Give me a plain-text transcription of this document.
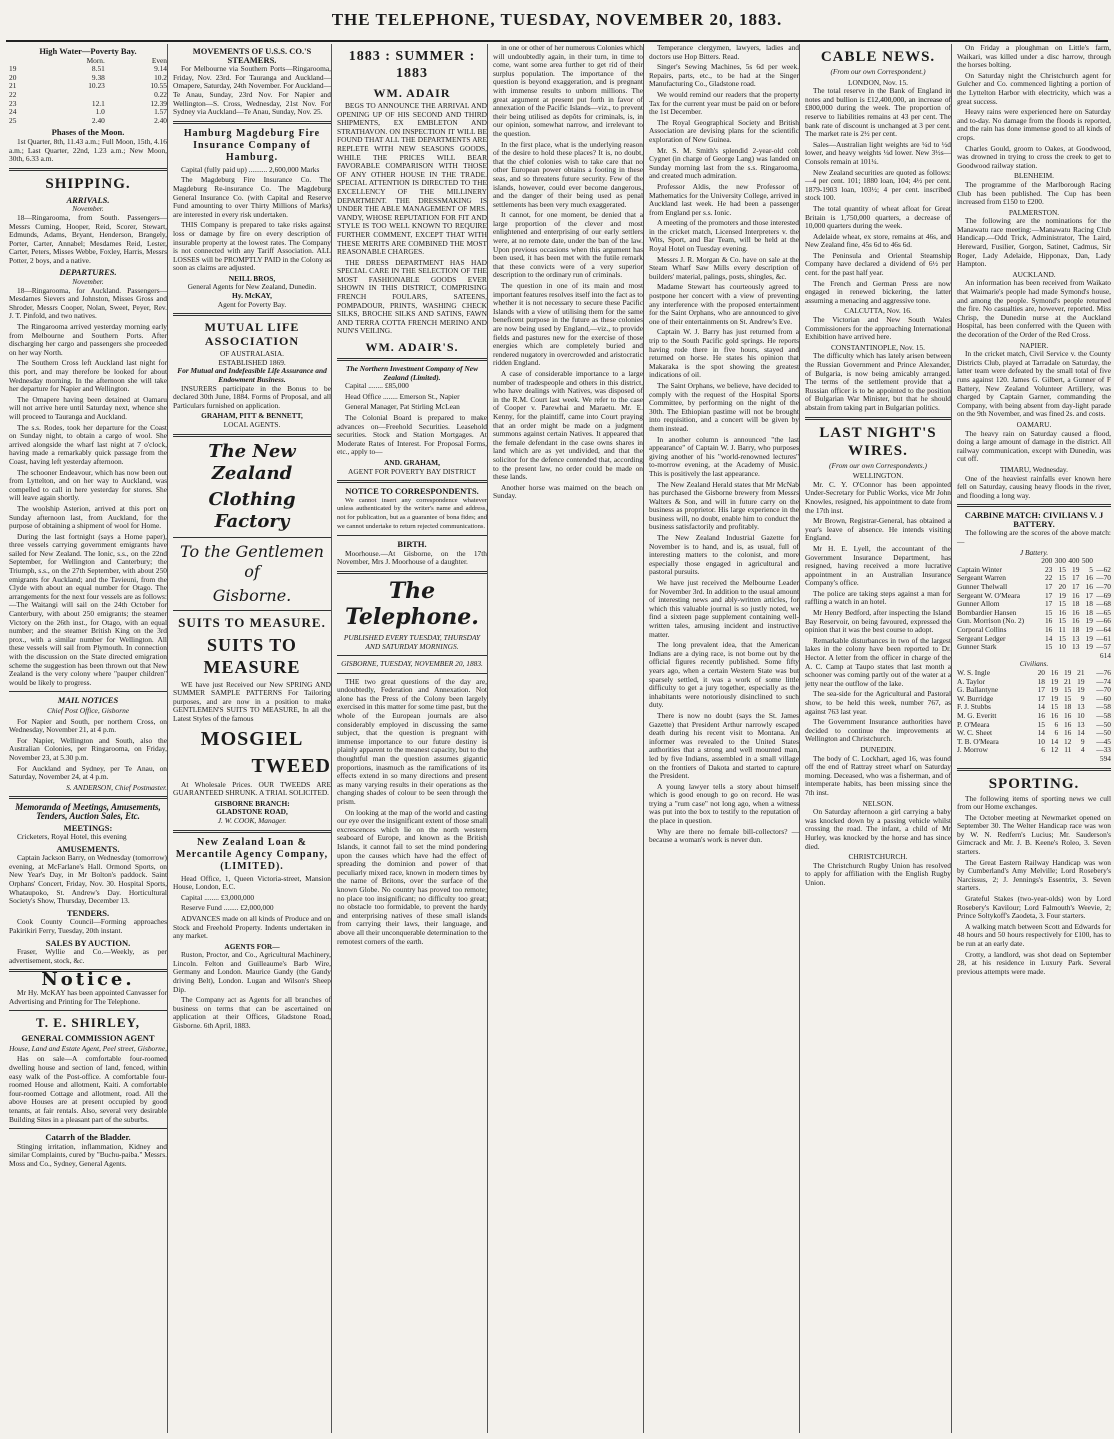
THE TELEPHONE, TUESDAY, NOVEMBER 20, 1883.
High Water—Poverty Bay.
	Morn.	Even
19	8.51	9.14
20	9.38	10.2
21	10.23	10.55
22		0.22
23	12.1	12.39
24	1.0	1.57
25	2.40	2.40
Phases of the Moon.

1st Quarter, 8th, 11.43 a.m.; Full Moon, 15th, 4.16 a.m.; Last Quarter, 22nd, 1.23 a.m.; New Moon, 30th, 6.33 a.m.

SHIPPING.
ARRIVALS.
November.

18—Ringarooma, from South. Passengers—Messrs Cuming, Hooper, Reid, Scorer, Stewart, Edmunds, Adams, Bryant, Henderson, Brangely, Porter, Carter, Annabel; Mesdames Reid, Lester, Carter, Peters, Misses Webbe, Foxley, Harris, Messrs Potter, 2 boys, and a native.

DEPARTURES.
November.

18—Ringarooma, for Auckland. Passengers—Mesdames Sievers and Johnston, Misses Gross and Shroder, Messrs Cooper, Nolan, Sweet, Peyer, Rev. J. T. Pinfold, and two natives.

The Ringarooma arrived yesterday morning early from Melbourne and Southern Ports. After discharging her cargo and passengers she proceeded on her way North.

The Southern Cross left Auckland last night for this port, and may therefore be looked for about Wednesday morning. In the afternoon she will take her departure for Napier and Wellington.

The Omapere having been detained at Oamaru will not arrive here until Saturday next, whence she will proceed to Tauranga and Auckland.

The s.s. Rodes, took her departure for the Coast on Sunday night, to obtain a cargo of wool. She arrived alongside the wharf last night at 7 o'clock, having made a remarkably quick passage from the Coast, having left yesterday afternoon.

The schooner Endeavour, which has now been out from Lyttelton, and on her way to Auckland, was compelled to call in here yesterday for stores. She will leave again shortly.

The woolship Asterion, arrived at this port on Sunday afternoon last, from Auckland, for the purpose of obtaining a shipment of wool for Home.

During the last fortnight (says a Home paper), three vessels carrying government emigrants have sailed for New Zealand. The Ionic, s.s., on the 22nd September, for Wellington and Canterbury; the Triumph, s.s., on the 27th September, with about 250 emigrants for Auckland; and the Tavieuni, from the Clyde with about an equal number for Otago. The arrangements for the next four vessels are as follows:—The Waitangi will sail on the 24th October for Canterbury, with about 250 emigrants; the steamer Victory on the 26th inst., for Otago, with an equal number; and the steamer British King on the 3rd prox., with a similar number for Wellington. All these vessels will sail from Plymouth. In connection with the discussion on the State directed emigration scheme the suggestion has been thrown out that New Zealand is the very colony where "pauper children" would be likely to progress.

MAIL NOTICES
Chief Post Office, Gisborne

For Napier and South, per northern Cross, on Wednesday, November 21, at 4 p.m.

For Napier, Wellington and South, also the Australian Colonies, per Ringarooma, on Friday, November 23, at 5.30 p.m.

For Auckland and Sydney, per Te Anau, on Saturday, November 24, at 4 p.m.

S. ANDERSON, Chief Postmaster.
Memoranda of Meetings, Amusements, Tenders, Auction Sales, Etc.
MEETINGS:

Cricketers, Royal Hotel, this evening

AMUSEMENTS.

Captain Jackson Barry, on Wednesday (tomorrow) evening, at McFarlane's Hall. Ormond Sports, on New Year's Day, in Mr Bolton's paddock. Saint Orphans' Concert, Friday, Nov. 30. Hospital Sports, Whataupoko, St. Andrew's Day. Horticultural Society's Show, Thursday, December 13.

TENDERS.

Cook County Council—Forming approaches Pakirikiri Ferry, Tuesday, 20th instant.

SALES BY AUCTION.

Fraser, Wyllie and Co.—Weekly, as per advertisement, stock, &c.

Notice.

Mr Hy. McKAY has been appointed Canvasser for Advertising and Printing for The Telephone.

T. E. SHIRLEY,
GENERAL COMMISSION AGENT
House, Land and Estate Agent, Peel street, Gisborne,

Has on sale—A comfortable four-roomed dwelling house and section of land, fenced, within easy walk of the Post-office. A comfortable four-roomed House and allotment, Kaiti. A comfortable four-roomed Cottage and allotment, road. All the above Houses are at present occupied by good tenants, at fair rentals. Also, several very desirable Building Sites in a pleasant part of the suburbs.

Catarrh of the Bladder.

Stinging irritation, inflammation, Kidney and similar Complaints, cured by "Buchu-paiba." Messrs. Moss and Co., Sydney, General Agents.

MOVEMENTS OF U.S.S. CO.'S STEAMERS.

For Melbourne via Southern Ports—Ringarooma, Friday, Nov. 23rd. For Tauranga and Auckland—Omapere, Saturday, 24th November. For Auckland—Te Anau, Sunday, 23rd Nov. For Napier and Wellington—S. Cross, Wednesday, 21st Nov. For Sydney via Auckland—Te Anau, Sunday, Nov. 25.

Hamburg Magdeburg Fire Insurance Company of Hamburg.

Capital (fully paid up) .......... 2,600,000 Marks

The Magdeburg Fire Insurance Co. The Magdeburg Re-insurance Co. The Magdeburg General Insurance Co. (with Capital and Reserve Fund amounting to over Thirty Millions of Marks) are interested in every risk undertaken.

THIS Company is prepared to take risks against loss or damage by fire on every description of insurable property at the lowest rates. The Company is not connected with any Tariff Association. ALL LOSSES will be PROMPTLY PAID in the Colony as soon as claims are adjusted.

NEILL BROS,
General Agents for New Zealand, Dunedin.
Hy. McKAY,
Agent for Poverty Bay.
MUTUAL LIFE ASSOCIATION
OF AUSTRALASIA.
ESTABLISHED 1869.
For Mutual and Indefeasible Life Assurance and Endowment Business.

INSURERS participate in the Bonus to be declared 30th June, 1884. Forms of Proposal, and all Particulars furnished on application.

GRAHAM, PITT & BENNETT,
LOCAL AGENTS.
The New Zealand
Clothing Factory
To the Gentlemen of
Gisborne.
SUITS TO MEASURE.
SUITS TO MEASURE

WE have just Received our New SPRING AND SUMMER SAMPLE PATTERNS For Tailoring purposes, and are now in a position to make GENTLEMEN'S SUITS TO MEASURE, In all the Latest Styles of the famous

MOSGIEL
TWEED

At Wholesale Prices. OUR TWEEDS ARE GUARANTEED SHRUNK. A TRIAL SOLICITED.

GISBORNE BRANCH:
GLADSTONE ROAD,
J. W. COOK, Manager.
New Zealand Loan & Mercantile Agency Company, (LIMITED).

Head Office, 1, Queen Victoria-street, Mansion House, London, E.C.

Capital ........ £3,000,000

Reserve Fund ........ £2,000,000

ADVANCES made on all kinds of Produce and on Stock and Freehold Property. Indents undertaken in any market.

AGENTS FOR—

Ruston, Proctor, and Co., Agricultural Machinery, Lincoln. Felton and Guilleaume's Barb Wire, Germany and London. Maurice Gandy (the Gandy driving Belt), London. Lugan and Wilson's Sheep Dip.

The Company act as Agents for all branches of business on terms that can be ascertained on application at their Offices, Gladstone Road, Gisborne. 6th April, 1883.

1883 : SUMMER : 1883
WM. ADAIR

BEGS TO ANNOUNCE THE ARRIVAL AND OPENING UP OF HIS SECOND AND THIRD SHIPMENTS, EX EMBLETON AND STRATHAVON. ON INSPECTION IT WILL BE FOUND THAT ALL THE DEPARTMENTS ARE REPLETE WITH NEW SEASONS GOODS, WHILE THE PRICES WILL BEAR FAVORABLE COMPARISON WITH THOSE OF ANY OTHER HOUSE IN THE TRADE. SPECIAL ATTENTION IS DIRECTED TO THE EXCELLENCY OF THE MILLINERY DEPARTMENT. THE DRESSMAKING IS UNDER THE ABLE MANAGEMENT OF MRS. VANDY, WHOSE REPUTATION FOR FIT AND STYLE IS TOO WELL KNOWN TO REQUIRE FURTHER COMMENT, EXCEPT THAT WITH THESE MERITS ARE COMBINED THE MOST REASONABLE CHARGES.

THE DRESS DEPARTMENT HAS HAD SPECIAL CARE IN THE SELECTION OF THE MOST FASHIONABLE GOODS EVER SHOWN IN THIS DISTRICT, COMPRISING FRENCH FOULARS, SATEENS, POMPADOUR, PRINTS, WASHING CHECK SILKS, BROCHE SILKS AND SATINS, FAWN AND TERRA COTTA FRENCH MERINO AND NUN'S VEILING.

WM. ADAIR'S.
The Northern Investment Company of New Zealand (Limited).

Capital ........ £85,000

Head Office ........ Emerson St., Napier

General Manager, Pat Stirling McLean

The Colonial Board is prepared to make advances on—Freehold Securities. Leasehold securities. Stock and Station Mortgages. At Moderate Rates of Interest. For Proposal Forms, etc., apply to—

AND. GRAHAM,
AGENT FOR POVERTY BAY DISTRICT
NOTICE TO CORRESPONDENTS.

We cannot insert any correspondence whatever unless authenticated by the writer's name and address, not for publication, but as a guarantee of bona fides; and we cannot undertake to return rejected communications.

BIRTH.

Moorhouse.—At Gisborne, on the 17th November, Mrs J. Moorhouse of a daughter.

The Telephone.
PUBLISHED EVERY TUESDAY, THURSDAY AND SATURDAY MORNINGS.
GISBORNE, TUESDAY, NOVEMBER 20, 1883.

THE two great questions of the day are, undoubtedly, Federation and Annexation. Not alone has the Press of the Colony been largely exercised in this matter for some time past, but the whole of the European journals are also considerably employed in discussing the same subject, that the question is pregnant with immense importance to our future destiny is plainly apparent to the meanest capacity, but to the thoughtful man the question assumes gigantic proportions, inasmuch as the ramifications of its effects extend in so many directions and present as many varying results in their operations as the changing shades of colour to be seen through the prism.

On looking at the map of the world and casting our eye over the insignificant extent of those small excrescences which lie on the north western seaboard of Europe, and known as the British Islands, it cannot fail to set the mind pondering upon the causes which have had the effect of spreading the dominion and power of that peculiarly mixed race, known in modern times by the name of Britons, over the surface of the known Globe. No country has proved too remote; no place too insignificant; no difficulty too great; no obstacle too formidable, to prevent the hardy and enterprising natives of these small islands from carrying their laws, their language, and above all their unconquerable determination to the remotest corners of the earth.

in one or other of her numerous Colonies which will undoubtedly again, in their turn, in time to come, want some area further to get rid of their surplus population. The importance of the question is beyond exaggeration, and is pregnant with immense results to unborn millions. The great argument at present put forth in favor of annexation of the Pacific Islands—viz., to prevent their being utilised as depôts for criminals, is, in our opinion, somewhat narrow, and irrelevant to the question.

In the first place, what is the underlying reason of the desire to hold these places? It is, no doubt, that the chief colonies wish to take care that no other European power obtains a footing in these seas, and so threatens future security. Few of the islands, however, could ever become dangerous, and the danger of their being used as penal settlements has been very much exaggerated.

It cannot, for one moment, be denied that a large proportion of the clever and most enlightened and enterprising of our early settlers were, at no remote date, under the ban of the law. Upon previous occasions when this argument has been used, it has been met with the futile remark that these convicts were of a very superior description to the ordinary run of criminals.

The question in one of its main and most important features resolves itself into the fact as to whether it is not necessary to secure these Pacific Islands with a view of utilising them for the same beneficent purpose in the future as these colonies are now being used by England,—viz., to provide fields and pastures new for the exercise of those energies which are completely buried and rendered nugatory in overcrowded and aristocratic ridden England.

A case of considerable importance to a large number of tradespeople and others in this district, who have dealings with Natives, was disposed of in the R.M. Court last week. We refer to the case of Cooper v. Parewhai and Maraetu. Mr. E. Kenny, for the plaintiff, came into Court praying that an order might be made on a judgment summons against certain Natives. It appeared that the female defendant in the case owns shares in land which are as yet undivided, and that the solicitor for the defence contended that, according to the present law, no order could be made on these lands.

Another horse was maimed on the beach on Sunday.

Temperance clergymen, lawyers, ladies and doctors use Hop Bitters. Read.

Singer's Sewing Machines, 5s 6d per week. Repairs, parts, etc., to be had at the Singer Manufacturing Co., Gladstone road.

We would remind our readers that the property Tax for the current year must be paid on or before the 1st December.

The Royal Geographical Society and British Association are devising plans for the scientific exploration of New Guinea.

Mr. S. M. Smith's splendid 2-year-old colt Cygnet (in charge of George Lang) was landed on Sunday morning last from the s.s. Ringarooma, and created much admiration.

Professor Aldis, the new Professor of Mathematics for the University College, arrived in Auckland last week. He had been a passenger from England per s.s. Ionic.

A meeting of the promoters and those interested in the cricket match, Licensed Interpreters v. the Wits, Sport, and Bar Team, will be held at the Royal Hotel on Tuesday evening.

Messrs J. R. Morgan & Co. have on sale at the Steam Wharf Saw Mills every description of builders' material, palings, posts, shingles, &c.

Madame Stewart has courteously agreed to postpone her concert with a view of preventing any interference with the proposed entertainment for the Saint Orphans, who are announced to give one of their entertainments on St. Andrew's Eve.

Captain W. J. Barry has just returned from a trip to the South Pacific gold springs. He reports having rode there in five hours, stayed and returned on horse. He states his opinion that Makaraka is the spot showing the greatest indications of oil.

The Saint Orphans, we believe, have decided to comply with the request of the Hospital Sports Committee, by performing on the night of the 30th. The Ethiopian pastime will not be brought into requisition, and a concert will be given by them instead.

In another column is announced "the last appearance" of Captain W. J. Barry, who purposes giving another of his "world-renowned lectures" to-morrow evening, at the Academy of Music. This is positively the last appearance.

The New Zealand Herald states that Mr McNab has purchased the Gisborne brewery from Messrs Walters & Son, and will in future carry on the business as proprietor. His large experience in the business will, no doubt, enable him to conduct the business satisfactorily and profitably.

The New Zealand Industrial Gazette for November is to hand, and is, as usual, full of interesting matters to the colonist, and more especially those engaged in agricultural and pastoral pursuits.

We have just received the Melbourne Leader for November 3rd. In addition to the usual amount of interesting news and ably-written articles, for which this valuable journal is so justly noted, we find a sixteen page supplement containing well-written tales, amusing incident and instructive matter.

The long prevalent idea, that the American Indians are a dying race, is not borne out by the official figures recently published. Some fifty years ago, when a certain Western State was but sparsely settled, it was a work of some little difficulty to get a jury together, especially as the inhabitants were notoriously disinclined to such duty.

There is now no doubt (says the St. James Gazette) that President Arthur narrowly escaped death during his recent visit to Montana. An informer was revealed to the United States authorities that a strong and well mounted man, led by five Indians, assembled in a small village on the frontiers of Dakota and started to capture the President.

A young lawyer tells a story about himself which is good enough to go on record. He was trying a "rum case" not long ago, when a witness was put into the box to testify to the reputation of the place in question.

Why are there no female bill-collectors? —because a woman's work is never dun.

CABLE NEWS.
(From our own Correspondent.)
LONDON, Nov. 15.

The total reserve in the Bank of England in notes and bullion is £12,400,000, an increase of £800,000 during the week. The proportion of reserve to liabilities remains at 43 per cent. The bank rate of discount is unchanged at 3 per cent. The market rate is 2½ per cent.

Sales—Australian light weights are ¼d to ½d lower, and heavy weights ¼d lower. New 3½s—Consols remain at 101¼.

New Zealand securities are quoted as follows:—4 per cent. 101; 1880 loan, 104; 4½ per cent. 1879-1903 loan, 103½; 4 per cent. inscribed stock 100.

The total quantity of wheat afloat for Great Britain is 1,750,000 quarters, a decrease of 10,000 quarters during the week.

Adelaide wheat, ex store, remains at 46s, and New Zealand fine, 45s 6d to 46s 6d.

The Peninsula and Oriental Steamship Company have declared a dividend of 6½ per cent. for the past half year.

The French and German Press are now engaged in renewed bickering, the latter assuming a menacing and aggressive tone.

CALCUTTA, Nov. 16.

The Victorian and New South Wales Commissioners for the approaching International Exhibition have arrived here.

CONSTANTINOPLE, Nov. 15.

The difficulty which has lately arisen between the Russian Government and Prince Alexander, of Bulgaria, is now being amicably arranged. The terms of the settlement provide that a Russian officer is to be appointed to the position of Bulgarian War Minister, but that he should abstain from taking part in Bulgarian politics.

LAST NIGHT'S WIRES.
(From our own Correspondents.)
WELLINGTON.

Mr. C. Y. O'Connor has been appointed Under-Secretary for Public Works, vice Mr John Knowles, resigned, his appointment to date from the 17th inst.

Mr Brown, Registrar-General, has obtained a year's leave of absence. He intends visiting England.

Mr H. E. Lyell, the accountant of the Government Insurance Department, has resigned, having received a more lucrative appointment in an Australian Insurance Company's office.

The police are taking steps against a man for raffling a watch in an hotel.

Mr Henry Bedford, after inspecting the Island Bay Reservoir, on being favoured, expressed the opinion that it was the best course to adopt.

Remarkable disturbances in two of the largest lakes in the colony have been reported to Dr. Hector. A letter from the officer in charge of the A. C. Camp at Taupo states that last month a schooner was coming partly out of the water at a jetty near the outflow of the lake.

The sea-side for the Agricultural and Pastoral show, to be held this week, number 767, as against 763 last year.

The Government Insurance authorities have decided to continue the improvements at Wellington and Christchurch.

DUNEDIN.

The body of C. Lockhart, aged 16, was found off the end of Rattray street wharf on Saturday morning. Deceased, who was a fisherman, and of intemperate habits, has been missing since the 7th inst.

NELSON.

On Saturday afternoon a girl carrying a baby was knocked down by a passing vehicle whilst crossing the road. The infant, a child of Mr Hurley, was knocked by the horse and has since died.

CHRISTCHURCH.

The Christchurch Rugby Union has resolved to apply for affiliation with the English Rugby Union.

On Friday a ploughman on Little's farm, Waikari, was killed under a disc harrow, through the horses bolting.

On Saturday night the Christchurch agent for Gulcher and Co. commenced lighting a portion of the Lyttelton Harbor with electricity, which was a great success.

Heavy rains were experienced here on Saturday and to-day. No damage from the floods is reported, and the rain has done immense good to all kinds of crops.

Charles Gould, groom to Oakes, at Goodwood, was drowned in trying to cross the creek to get to Goodwood railway station.

BLENHEIM.

The programme of the Marlborough Racing Club has been published. The Cup has been increased from £150 to £200.

PALMERSTON.

The following are the nominations for the Manawatu race meeting:—Manawatu Racing Club Handicap.—Odd Trick, Administrator, The Laird, Hereward, Fusilier, Gorgon, Satinet, Cadmus, Sir Roger, Lady Adelaide, Hipponax, Dan, Lady Hampton.

AUCKLAND.

An information has been received from Waikato that Waimarie's people had made Symond's house, and among the people. Symond's people returned the fire. No casualties are, however, reported. Miss Chrisp, the Dunedin nurse at the Auckland Hospital, has been conferred with the Queen with the decoration of the Order of the Red Cross.

NAPIER.

In the cricket match, Civil Service v. the County Districts Club, played at Tarradale on Saturday, the latter team were defeated by the small total of five runs against 120. James G. Gilbert, a Gunner of F Battery, New Zealand Volunteer Artillery, was charged by Captain Garner, commanding the Company, with being absent from day-light parade on the 9th November, and was fined 2s. and costs.

OAMARU.

The heavy rain on Saturday caused a flood, doing a large amount of damage in the district. All railway communication, except with Dunedin, was cut off.

TIMARU, Wednesday.

One of the heaviest rainfalls ever known here fell on Saturday, causing heavy floods in the river, and flooding a long way.

CARBINE MATCH: CIVILIANS V. J BATTERY.

The following are the scores of the above match:—

J Battery.
	200	300	400	500	
Captain Winter	23	15	19	5	—62
Sergeant Warren	22	15	17	16	—70
Gunner Thelwall	17	20	17	16	—70
Sergeant W. O'Meara	17	19	16	17	—69
Gunner Allom	17	15	18	18	—68
Bombardier Hansen	15	16	16	18	—65
Gun. Morrison (No. 2)	16	15	16	19	—66
Corporal Collins	16	11	18	19	—64
Sergeant Ledger	14	15	13	19	—61
Gunner Stark	15	10	13	19	—57
614
Civilians.
W. S. Ingle	20	16	19	21	—76
A. Taylor	18	19	21	19	—74
G. Ballantyne	17	19	15	19	—70
W. Burridge	17	19	15	9	—60
F. J. Stubbs	14	15	18	13	—58
M. G. Everitt	16	16	16	10	—58
P. O'Meara	15	6	16	13	—50
W. C. Sheet	14	6	16	14	—50
T. B. O'Meara	10	14	12	9	—45
J. Morrow	6	12	11	4	—33
594
SPORTING.

The following items of sporting news we cull from our Home exchanges.

The October meeting at Newmarket opened on September 30. The Welter Handicap race was won by W. N. Redfern's Lucius; Mr. Sauderson's Gimcrack and Mr. J. B. Keene's Roleo, 3. Seven starters.

The Great Eastern Railway Handicap was won by Cumberland's Amy Melville; Lord Rosebery's Narcissus, 2; J. Jennings's Essentrix, 3. Seven starters.

Grateful Stakes (two-year-olds) won by Lord Rosebery's Kavilour; Lord Falmouth's Weevie, 2; Prince Soltykoff's Zaodeta, 3. Four starters.

A walking match between Scott and Edwards for 48 hours and 50 hours respectively for £100, has to be run at an early date.

Crotty, a landlord, was shot dead on September 28, at his residence in Luxury Park. Several previous attempts were made.
